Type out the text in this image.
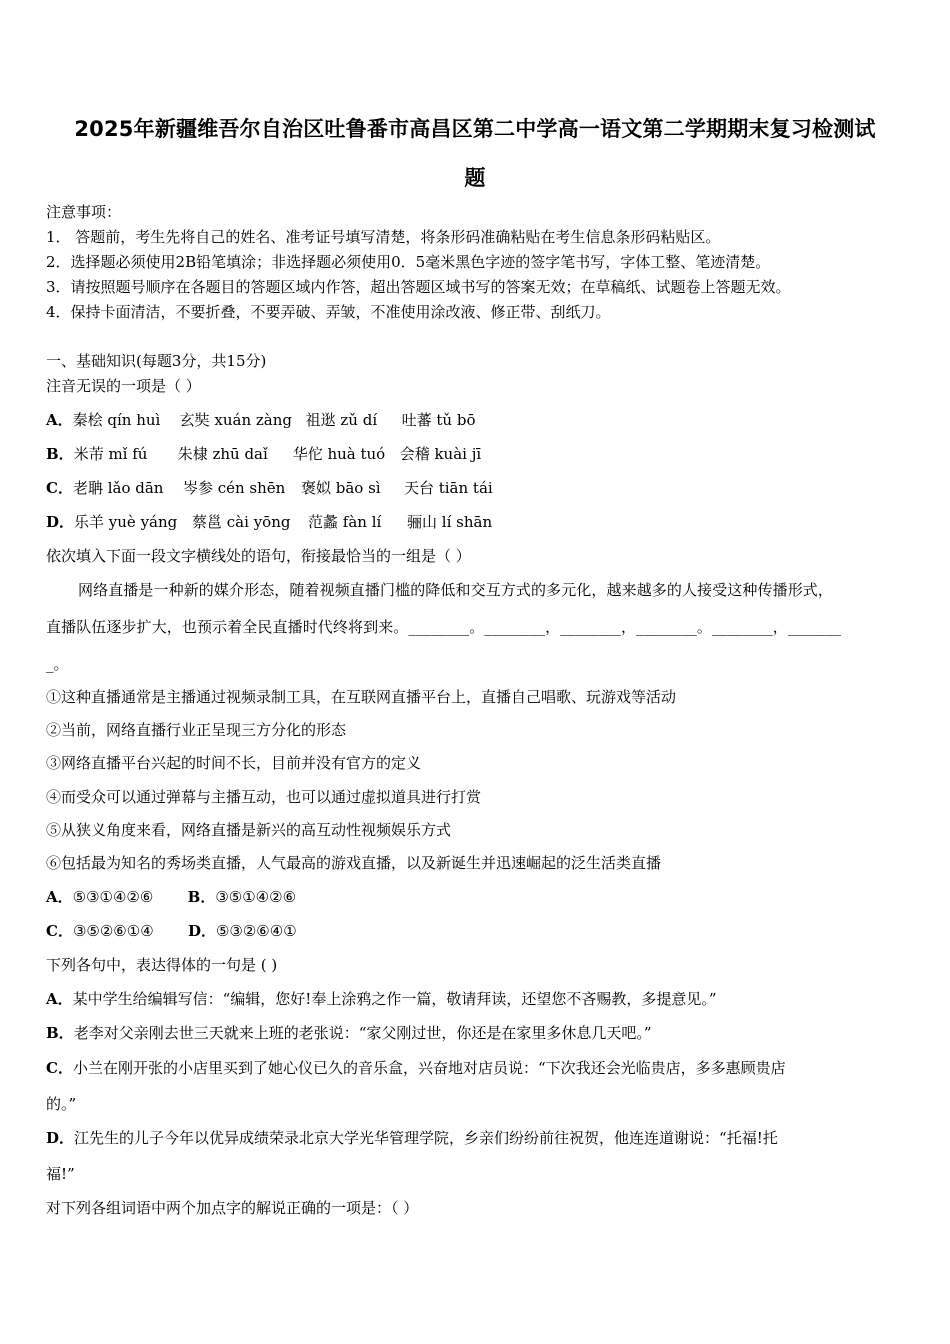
2025年新疆维吾尔自治区吐鲁番市高昌区第二中学高一语文第二学期期末复习检测试
题
注意事项：
1． 答题前，考生先将自己的姓名、准考证号填写清楚，将条形码准确粘贴在考生信息条形码粘贴区。
2．选择题必须使用2B铅笔填涂；非选择题必须使用0．5毫米黑色字迹的签字笔书写，字体工整、笔迹清楚。
3．请按照题号顺序在各题目的答题区域内作答，超出答题区域书写的答案无效；在草稿纸、试题卷上答题无效。
4．保持卡面清洁，不要折叠，不要弄破、弄皱，不准使用涂改液、修正带、刮纸刀。
一、基础知识(每题3分，共15分)
注音无误的一项是（ ）
A．秦桧 qín huì 玄奘 xuán zàng 祖逖 zǔ dí 吐蕃 tǔ bō
B．米芾 mǐ fú 朱棣 zhū daǐ 华佗 huà tuó 会稽 kuài jī
C．老聃 lǎo dān 岑参 cén shēn 褒姒 bāo sì 天台 tiān tái
D．乐羊 yuè yáng 蔡邕 cài yōng 范蠡 fàn lí 骊山 lí shān
依次填入下面一段文字横线处的语句，衔接最恰当的一组是（ ）
网络直播是一种新的媒介形态，随着视频直播门槛的降低和交互方式的多元化，越来越多的人接受这种传播形式，
直播队伍逐步扩大，也预示着全民直播时代终将到来。________。________，________，________。________，_______
_。
①这种直播通常是主播通过视频录制工具，在互联网直播平台上，直播自己唱歌、玩游戏等活动
②当前，网络直播行业正呈现三方分化的形态
③网络直播平台兴起的时间不长，目前并没有官方的定义
④而受众可以通过弹幕与主播互动，也可以通过虚拟道具进行打赏
⑤从狭义角度来看，网络直播是新兴的高互动性视频娱乐方式
⑥包括最为知名的秀场类直播，人气最高的游戏直播，以及新诞生并迅速崛起的泛生活类直播
A．⑤③①④②⑥ B．③⑤①④②⑥
C．③⑤②⑥①④ D．⑤③②⑥④①
下列各句中，表达得体的一句是 ( )
A．某中学生给编辑写信：“编辑，您好!奉上涂鸦之作一篇，敬请拜读，还望您不吝赐教，多提意见。”
B．老李对父亲刚去世三天就来上班的老张说：“家父刚过世，你还是在家里多休息几天吧。”
C．小兰在刚开张的小店里买到了她心仪已久的音乐盒，兴奋地对店员说：“下次我还会光临贵店，多多惠顾贵店
的。”
D．江先生的儿子今年以优异成绩荣录北京大学光华管理学院，乡亲们纷纷前往祝贺，他连连道谢说：“托福!托
福!”
对下列各组词语中两个加点字的解说正确的一项是：（ ）
